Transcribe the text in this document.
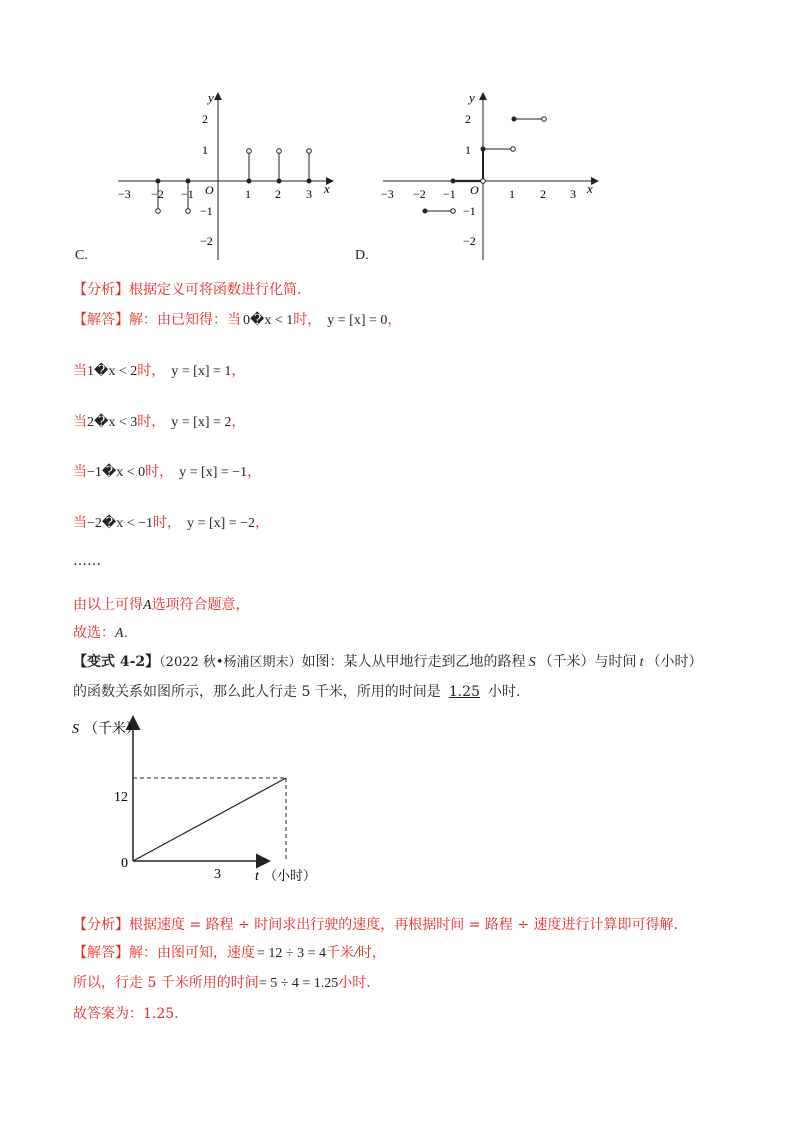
y
x
O
−3 −2 −1	1 2 3
2
1
−1
−2
C.
y
x
O
−3 −2 −1	1 2 3
2
1
−1
−2
D.
【分析】根据定义可将函数进行化简.
【解答】解：由已知得：当 0�x < 1时， y = [x] = 0，
当1�x < 2时， y = [x] = 1，
当2�x < 3时， y = [x] = 2，
当−1�x < 0时， y = [x] = −1，
当−2�x < −1时， y = [x] = −2，
……
由以上可得A选项符合题意，
故选：A.
【变式 4-2】（2022 秋•杨浦区期末）如图：某人从甲地行走到乙地的路程 S （千米）与时间 t （小时）
的函数关系如图所示，那么此人行走 5 千米，所用的时间是 1.25 小时.
S （千米）
t （小时）
0
12
3
【分析】根据速度 = 路程 ÷ 时间求出行驶的速度，再根据时间 = 路程 ÷ 速度进行计算即可得解.
【解答】解：由图可知，速度 = 12 ÷ 3 = 4千米/时，
所以，行走 5 千米所用的时间= 5 ÷ 4 = 1.25小时.
故答案为：1.25.
